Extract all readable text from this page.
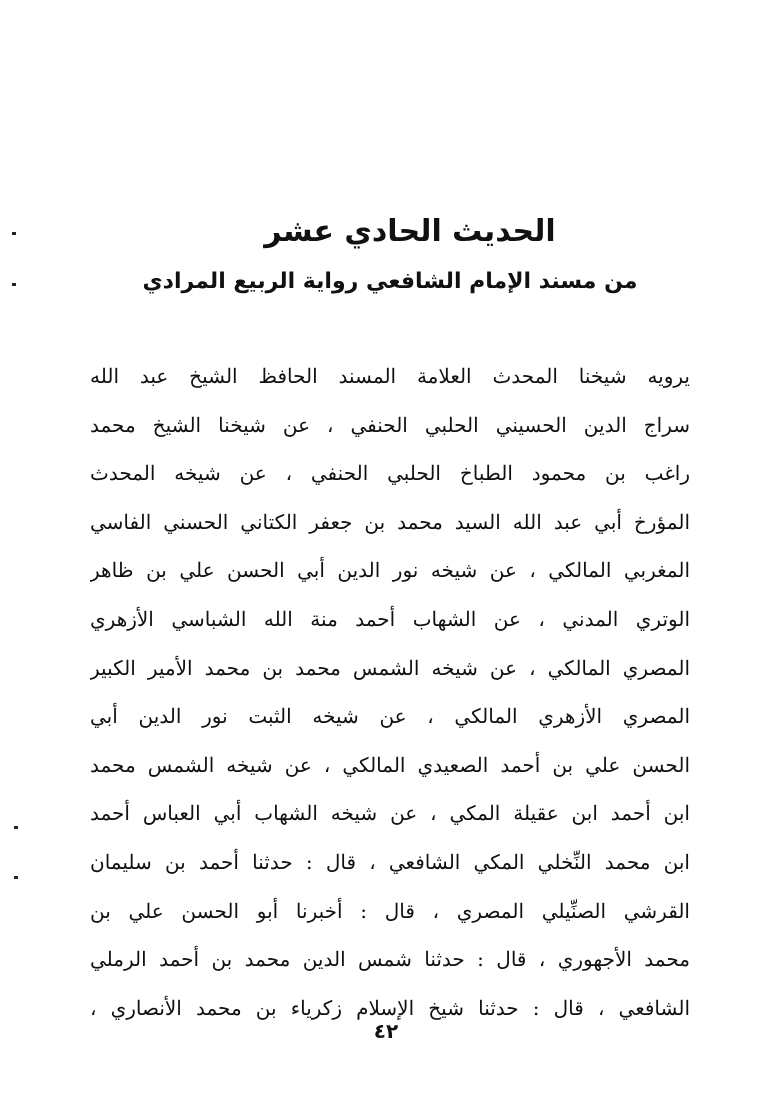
الحديث الحادي عشر
من مسند الإمام الشافعي رواية الربيع المرادي
يرويه شيخنا المحدث العلامة المسند الحافظ الشيخ عبد الله
سراج الدين الحسيني الحلبي الحنفي ، عن شيخنا الشيخ محمد
راغب بن محمود الطباخ الحلبي الحنفي ، عن شيخه المحدث
المؤرخ أبي عبد الله السيد محمد بن جعفر الكتاني الحسني الفاسي
المغربي المالكي ، عن شيخه نور الدين أبي الحسن علي بن ظاهر
الوتري المدني ، عن الشهاب أحمد منة الله الشباسي الأزهري
المصري المالكي ، عن شيخه الشمس محمد بن محمد الأمير الكبير
المصري الأزهري المالكي ، عن شيخه الثبت نور الدين أبي
الحسن علي بن أحمد الصعيدي المالكي ، عن شيخه الشمس محمد
ابن أحمد ابن عقيلة المكي ، عن شيخه الشهاب أبي العباس أحمد
ابن محمد النِّخلي المكي الشافعي ، قال : حدثنا أحمد بن سليمان
القرشي الصنِّيلي المصري ، قال : أخبرنا أبو الحسن علي بن
محمد الأجهوري ، قال : حدثنا شمس الدين محمد بن أحمد الرملي
الشافعي ، قال : حدثنا شيخ الإسلام زكرياء بن محمد الأنصاري ،
٤٢
